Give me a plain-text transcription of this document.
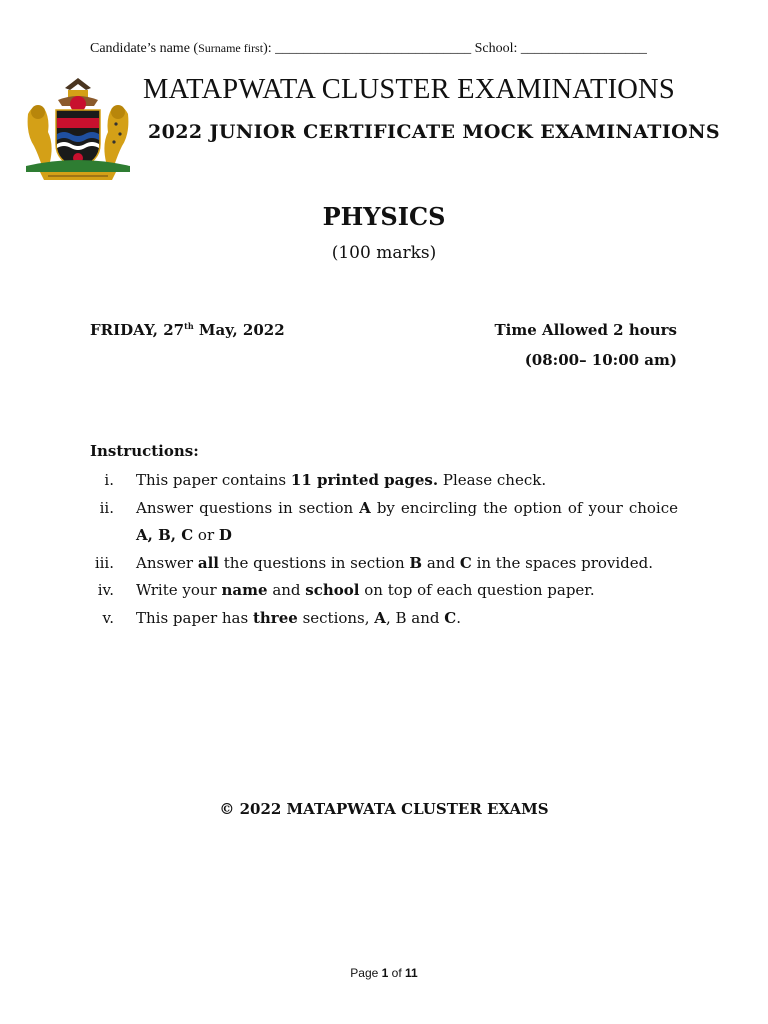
Candidate’s name (Surname first): ____________________________ School: __________________
MATAPWATA CLUSTER EXAMINATIONS
2022 JUNIOR CERTIFICATE MOCK EXAMINATIONS
PHYSICS
(100 marks)
FRIDAY, 27th May, 2022	Time Allowed 2 hours
(08:00– 10:00 am)
Instructions:
i. This paper contains 11 printed pages. Please check.
ii. Answer questions in section A by encircling the option of your choice
A, B, C or D
iii. Answer all the questions in section B and C in the spaces provided.
iv. Write your name and school on top of each question paper.
v. This paper has three sections, A, B and C.
© 2022 MATAPWATA CLUSTER EXAMS
Page 1 of 11
